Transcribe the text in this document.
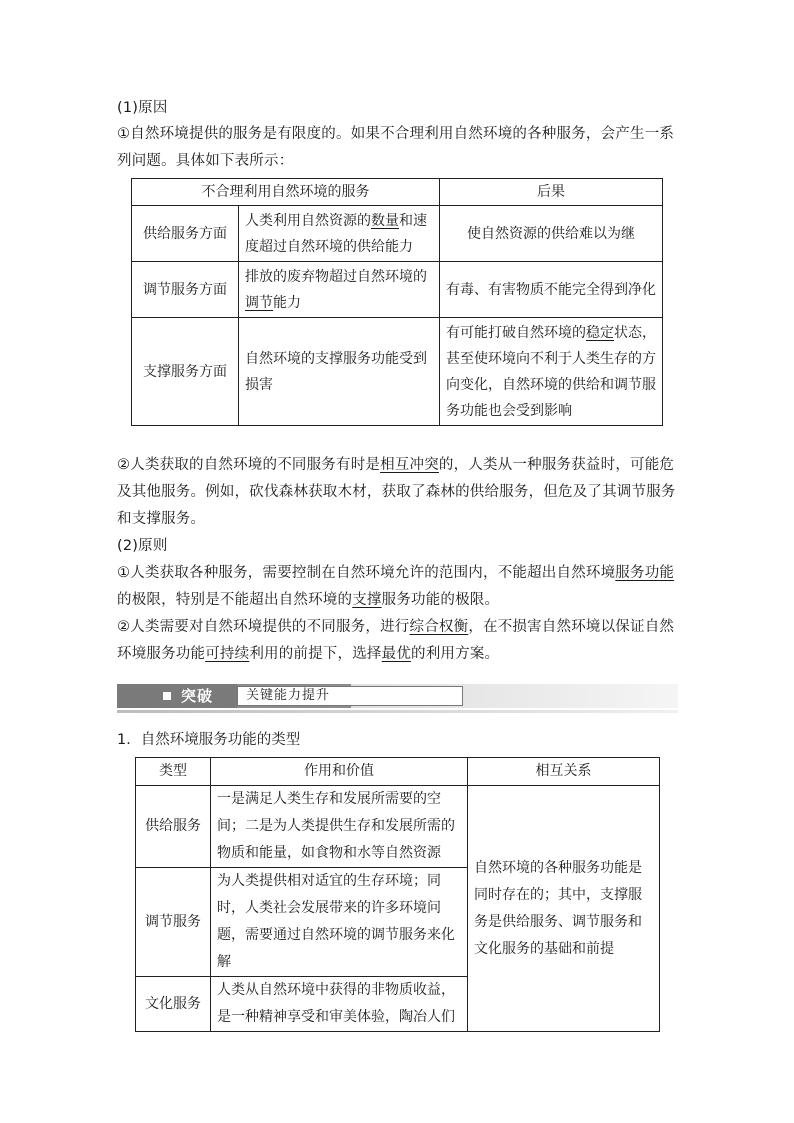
(1)原因
①自然环境提供的服务是有限度的。如果不合理利用自然环境的各种服务，会产生一系列问题。具体如下表所示：
不合理利用自然环境的服务		后果
供给服务方面	人类利用自然资源的数量和速度超过自然环境的供给能力	使自然资源的供给难以为继
调节服务方面	排放的废弃物超过自然环境的调节能力	有毒、有害物质不能完全得到净化
支撑服务方面	自然环境的支撑服务功能受到损害	有可能打破自然环境的稳定状态，甚至使环境向不利于人类生存的方向变化，自然环境的供给和调节服务功能也会受到影响
②人类获取的自然环境的不同服务有时是相互冲突的，人类从一种服务获益时，可能危及其他服务。例如，砍伐森林获取木材，获取了森林的供给服务，但危及了其调节服务和支撑服务。
(2)原则
①人类获取各种服务，需要控制在自然环境允许的范围内，不能超出自然环境服务功能的极限，特别是不能超出自然环境的支撑服务功能的极限。
②人类需要对自然环境提供的不同服务，进行综合权衡，在不损害自然环境以保证自然环境服务功能可持续利用的前提下，选择最优的利用方案。
突破	关键能力提升
1．自然环境服务功能的类型
类型	作用和价值	相互关系
供给服务	一是满足人类生存和发展所需要的空间；二是为人类提供生存和发展所需的物质和能量，如食物和水等自然资源	自然环境的各种服务功能是同时存在的；其中，支撑服务是供给服务、调节服务和文化服务的基础和前提
调节服务	为人类提供相对适宜的生存环境；同时，人类社会发展带来的许多环境问题，需要通过自然环境的调节服务来化解	
文化服务	人类从自然环境中获得的非物质收益，是一种精神享受和审美体验，陶冶人们	
